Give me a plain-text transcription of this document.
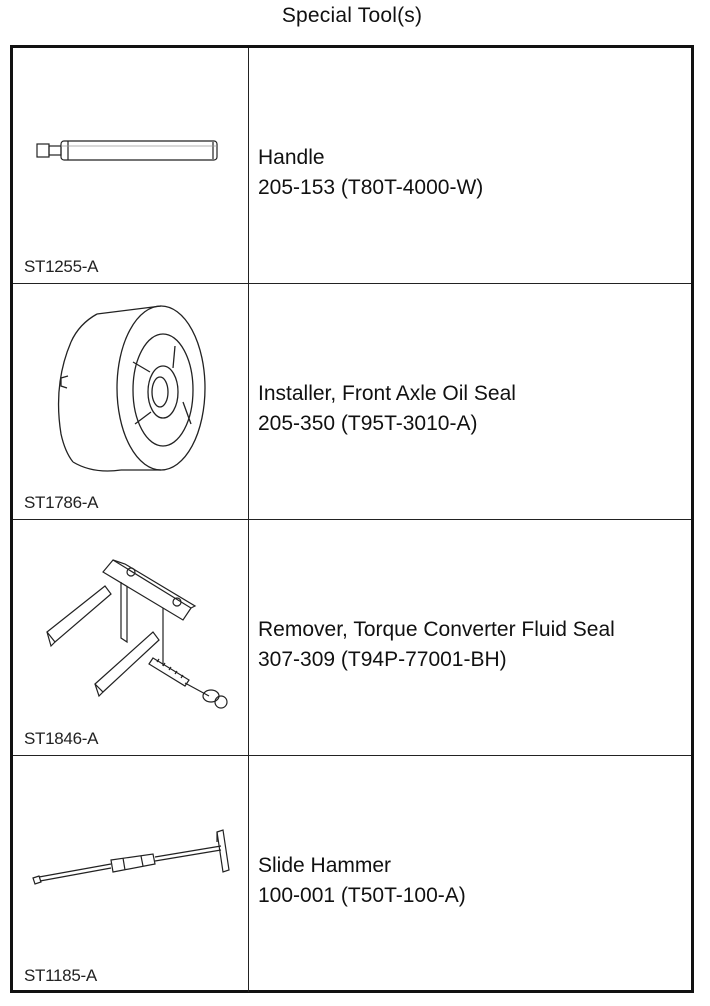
Special Tool(s)
ST1255-A
Handle
205-153 (T80T-4000-W)
ST1786-A
Installer, Front Axle Oil Seal
205-350 (T95T-3010-A)
ST1846-A
Remover, Torque Converter Fluid Seal
307-309 (T94P-77001-BH)
ST1185-A
Slide Hammer
100-001 (T50T-100-A)
